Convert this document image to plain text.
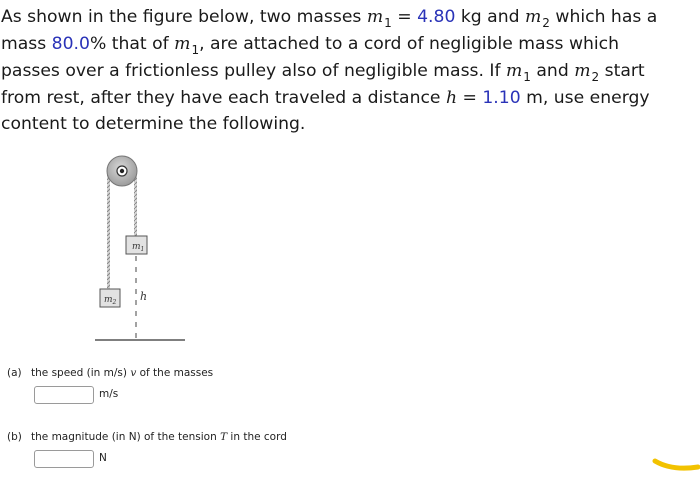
As shown in the figure below, two masses $m_1 = 4.80$ kg and $m_2$ which has a
mass 80.0% that of $m_1$, are attached to a cord of negligible mass which
passes over a frictionless pulley also of negligible mass. If $m_1$ and $m_2$ start
from rest, after they have each traveled a distance h = 1.10 m, use energy
content to determine the following.
$m_1$
$m_2$ h
(a) the speed (in m/s) v of the masses
m/s
(b) the magnitude (in N) of the tension T in the cord
N
